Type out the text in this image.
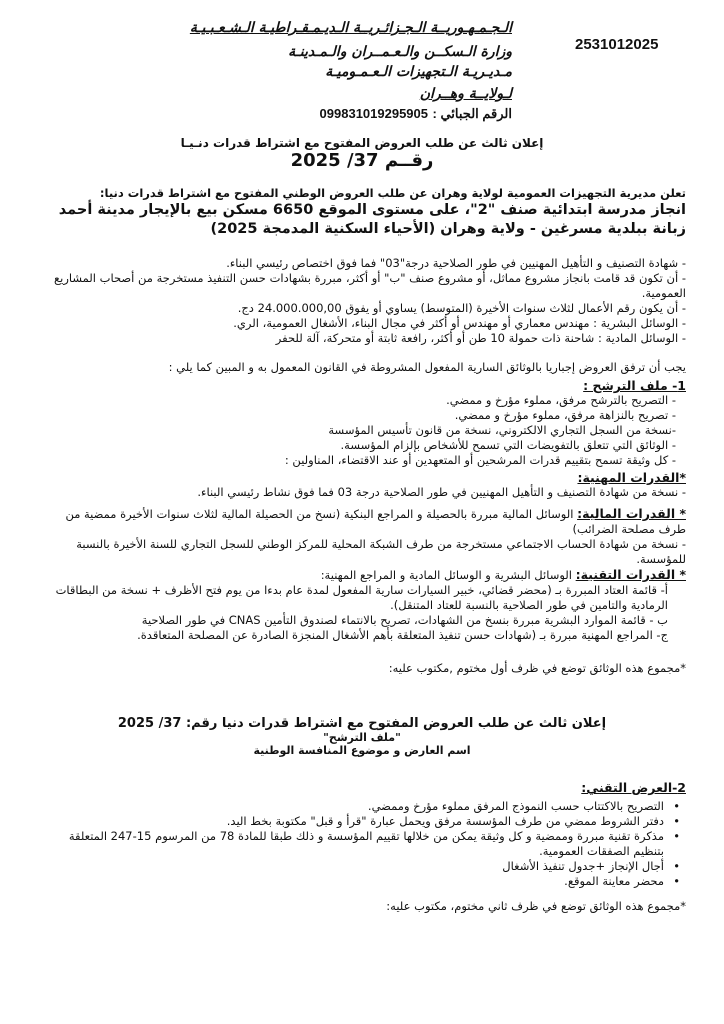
2531012025
الـجـمـهـوريــة الـجـزائـريــة الـديـمـقـراطيـة الـشـعـبـيـة
وزارة الـسكــن والـعـمــران والـمـدينـة
مـديـريـة الـتجهيزات الـعـمـوميـة
لـولايــة وهــران
الرقم الجبائي : 099831019295905
إعلان ثالث عن طلب العروض المفتوح مع اشتراط قدرات دنـيـا
رقــم 37/ 2025
تعلن مديرية التجهيزات العمومية لولاية وهران عن طلب العروض الوطني المفتوح مع اشتراط قدرات دنيا:
انجاز مدرسة ابتدائية صنف "2"، على مستوى الموقع 6650 مسكن بيع بالإيجار مدينة أحمد زبانة ببلدية مسرغين - ولاية وهران (الأحياء السكنية المدمجة 2025)
- شهادة التصنيف و التأهيل المهنيين في طور الصلاحية درجة"03" فما فوق اختصاص رئيسي البناء.
- أن تكون قد قامت بانجاز مشروع مماثل، أو مشروع صنف "ب" أو أكثر، مبررة بشهادات حسن التنفيذ مستخرجة من أصحاب المشاريع العمومية.
- أن يكون رقم الأعمال لثلاث سنوات الأخيرة (المتوسط) يساوي أو يفوق 24.000.000,00 دج.
- الوسائل البشرية : مهندس معماري أو مهندس أو أكثر في مجال البناء، الأشغال العمومية، الري.
- الوسائل المادية : شاحنة ذات حمولة 10 طن أو أكثر، رافعة ثابتة أو متحركة، آلة للحفر
يجب أن ترفق العروض إجباريا بالوثائق السارية المفعول المشروطة في القانون المعمول به و المبين كما يلي :
1- ملف الترشح :
- التصريح بالترشح مرفق، مملوء مؤرخ و ممضي.
- تصريح بالنزاهة مرفق، مملوء مؤرخ و ممضي.
-نسخة من السجل التجاري الالكتروني، نسخة من قانون تأسيس المؤسسة
- الوثائق التي تتعلق بالتفويضات التي تسمح للأشخاص بإلزام المؤسسة.
- كل وثيقة تسمح بتقييم قدرات المرشحين أو المتعهدين أو عند الاقتضاء، المناولين :
*القدرات المهنية:
- نسخة من شهادة التصنيف و التأهيل المهنيين في طور الصلاحية درجة 03 فما فوق نشاط رئيسي البناء.
* القدرات المالية: الوسائل المالية مبررة بالحصيلة و المراجع البنكية (نسخ من الحصيلة المالية لثلاث سنوات الأخيرة ممضية من طرف مصلحة الضرائب)
- نسخة من شهادة الحساب الاجتماعي مستخرجة من طرف الشبكة المحلية للمركز الوطني للسجل التجاري للسنة الأخيرة بالنسبة للمؤسسة.
* القدرات التقنية: الوسائل البشرية و الوسائل المادية و المراجع المهنية:
أ- قائمة العتاد المبررة بـ (محضر قضائي، خبير السيارات سارية المفعول لمدة عام بدءا من يوم فتح الأظرف + نسخة من البطاقات الرمادية والتامين في طور الصلاحية بالنسبة للعتاد المتنقل).
ب - قائمة الموارد البشرية مبررة بنسخ من الشهادات، تصريح بالانتماء لصندوق التأمين CNAS في طور الصلاحية
ج- المراجع المهنية مبررة بـ (شهادات حسن تنفيذ المتعلقة بأهم الأشغال المنجزة الصادرة عن المصلحة المتعاقدة.
*مجموع هذه الوثائق توضع في ظرف أول مختوم ,مكتوب عليه:
إعلان ثالث عن طلب العروض المفتوح مع اشتراط قدرات دنيا رقم: 37/ 2025
"ملف الترشح"
اسم العارض و موضوع المنافسة الوطنية
2-العرض التقني:
• التصريح بالاكتتاب حسب النموذج المرفق مملوء مؤرخ وممضي.
• دفتر الشروط ممضي من طرف المؤسسة مرفق ويحمل عبارة "قرأ و قبل" مكتوبة بخط اليد.
• مذكرة تقنية مبررة وممضية و كل وثيقة يمكن من خلالها تقييم المؤسسة و ذلك طبقا للمادة 78 من المرسوم 15-247 المتعلقة بتنظيم الصفقات العمومية.
• أجال الإنجاز +جدول تنفيذ الأشغال
• محضر معاينة الموقع.
*مجموع هذه الوثائق توضع في ظرف ثاني مختوم، مكتوب عليه:
